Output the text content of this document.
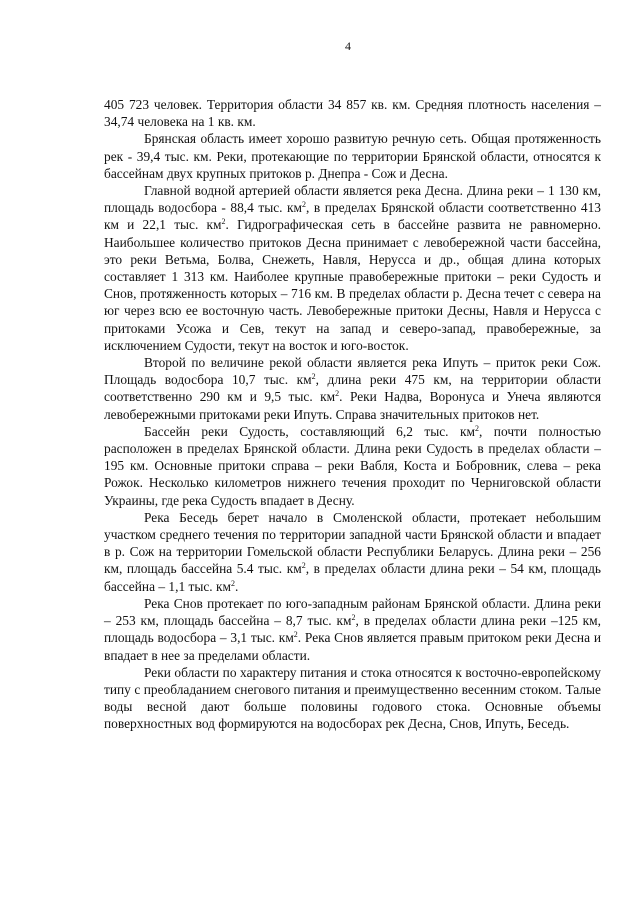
4

405 723 человек. Территория области 34 857 кв. км. Средняя плотность населения – 34,74 человека на 1 кв. км.

Брянская область имеет хорошо развитую речную сеть. Общая протяженность рек - 39,4 тыс. км. Реки, протекающие по территории Брянской области, относятся к бассейнам двух крупных притоков р. Днепра - Сож и Десна.

Главной водной артерией области является река Десна. Длина реки – 1 130 км, площадь водосбора - 88,4 тыс. $км^2$, в пределах Брянской области соответственно 413 км и 22,1 тыс. $км^2$. Гидрографическая сеть в бассейне развита не равномерно. Наибольшее количество притоков Десна принимает с левобережной части бассейна, это реки Ветьма, Болва, Снежеть, Навля, Нерусса и др., общая длина которых составляет 1 313 км. Наиболее крупные правобережные притоки – реки Судость и Снов, протяженность которых – 716 км. В пределах области р. Десна течет с севера на юг через всю ее восточную часть. Левобережные притоки Десны, Навля и Нерусса с притоками Усожа и Сев, текут на запад и северо-запад, правобережные, за исключением Судости, текут на восток и юго-восток.

Второй по величине рекой области является река Ипуть – приток реки Сож. Площадь водосбора 10,7 тыс. $км^2$, длина реки 475 км, на территории области соответственно 290 км и 9,5 тыс. $км^2$. Реки Надва, Воронуса и Унеча являются левобережными притоками реки Ипуть. Справа значительных притоков нет.

Бассейн реки Судость, составляющий 6,2 тыс. $км^2$, почти полностью расположен в пределах Брянской области. Длина реки Судость в пределах области – 195 км. Основные притоки справа – реки Вабля, Коста и Бобровник, слева – река Рожок. Несколько километров нижнего течения проходит по Черниговской области Украины, где река Судость впадает в Десну.

Река Беседь берет начало в Смоленской области, протекает небольшим участком среднего течения по территории западной части Брянской области и впадает в р. Сож на территории Гомельской области Республики Беларусь. Длина реки – 256 км, площадь бассейна 5.4 тыс. $км^2$, в пределах области длина реки – 54 км, площадь бассейна – 1,1 тыс. $км^2$.

Река Снов протекает по юго-западным районам Брянской области. Длина реки – 253 км, площадь бассейна – 8,7 тыс. $км^2$, в пределах области длина реки –125 км, площадь водосбора – 3,1 тыс. $км^2$. Река Снов является правым притоком реки Десна и впадает в нее за пределами области.

Реки области по характеру питания и стока относятся к восточно-европейскому типу с преобладанием снегового питания и преимущественно весенним стоком. Талые воды весной дают больше половины годового стока. Основные объемы поверхностных вод формируются на водосборах рек Десна, Снов, Ипуть, Беседь.
